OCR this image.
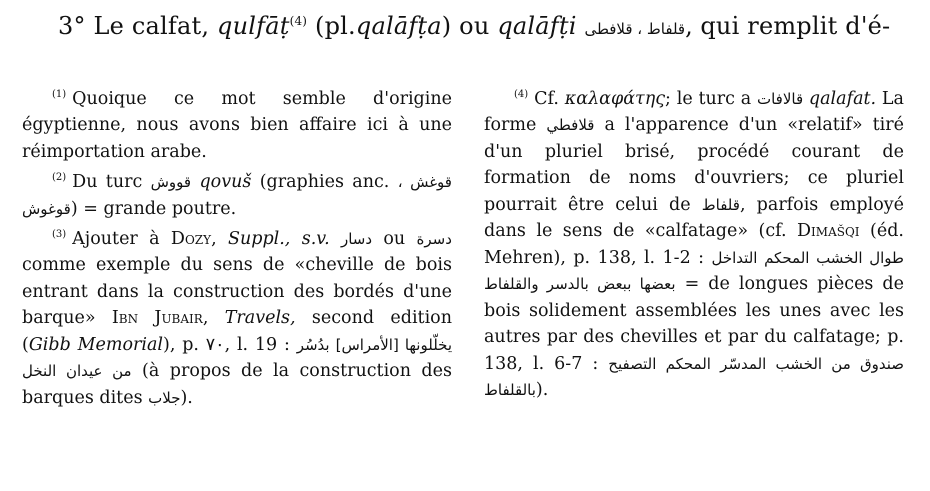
3° Le calfat, qulfāṭ$^{(4)}$ (pl.qalāfṭa) ou qalāfṭi قلفاط ، قلافطى, qui remplit d'é-

$^{(1)}$ Quoique ce mot semble d'origine égyptienne, nous avons bien affaire ici à une réimportation arabe.

$^{(2)}$ Du turc قووش qovuš (graphies anc. قوغش ، قوغوش) = grande poutre.

$^{(3)}$ Ajouter à Dozy, Suppl., s.v. دسار ou دسرة comme exemple du sens de «cheville de bois entrant dans la construction des bordés d'une barque» Ibn Jubair, Travels, second edition (Gibb Memorial), p. ٧٠, l. 19 : يخلّلونها [الأمراس] بدُسُر من عيدان النخل (à propos de la construction des barques dites جلاب).

$^{(4)}$ Cf. καλαφάτης; le turc a قالافات qalafat. La forme قلافطي a l'apparence d'un «relatif» tiré d'un pluriel brisé, procédé courant de formation de noms d'ouvriers; ce pluriel pourrait être celui de قلفاط, parfois employé dans le sens de «calfatage» (cf. Dimašqi (éd. Mehren), p. 138, l. 1-2 : طوال الخشب المحكم التداخل بعضها ببعض بالدسر والقلفاط = de longues pièces de bois solidement assemblées les unes avec les autres par des chevilles et par du calfatage; p. 138, l. 6-7 : صندوق من الخشب المدسّر المحكم التصفيح بالقلفاط).
